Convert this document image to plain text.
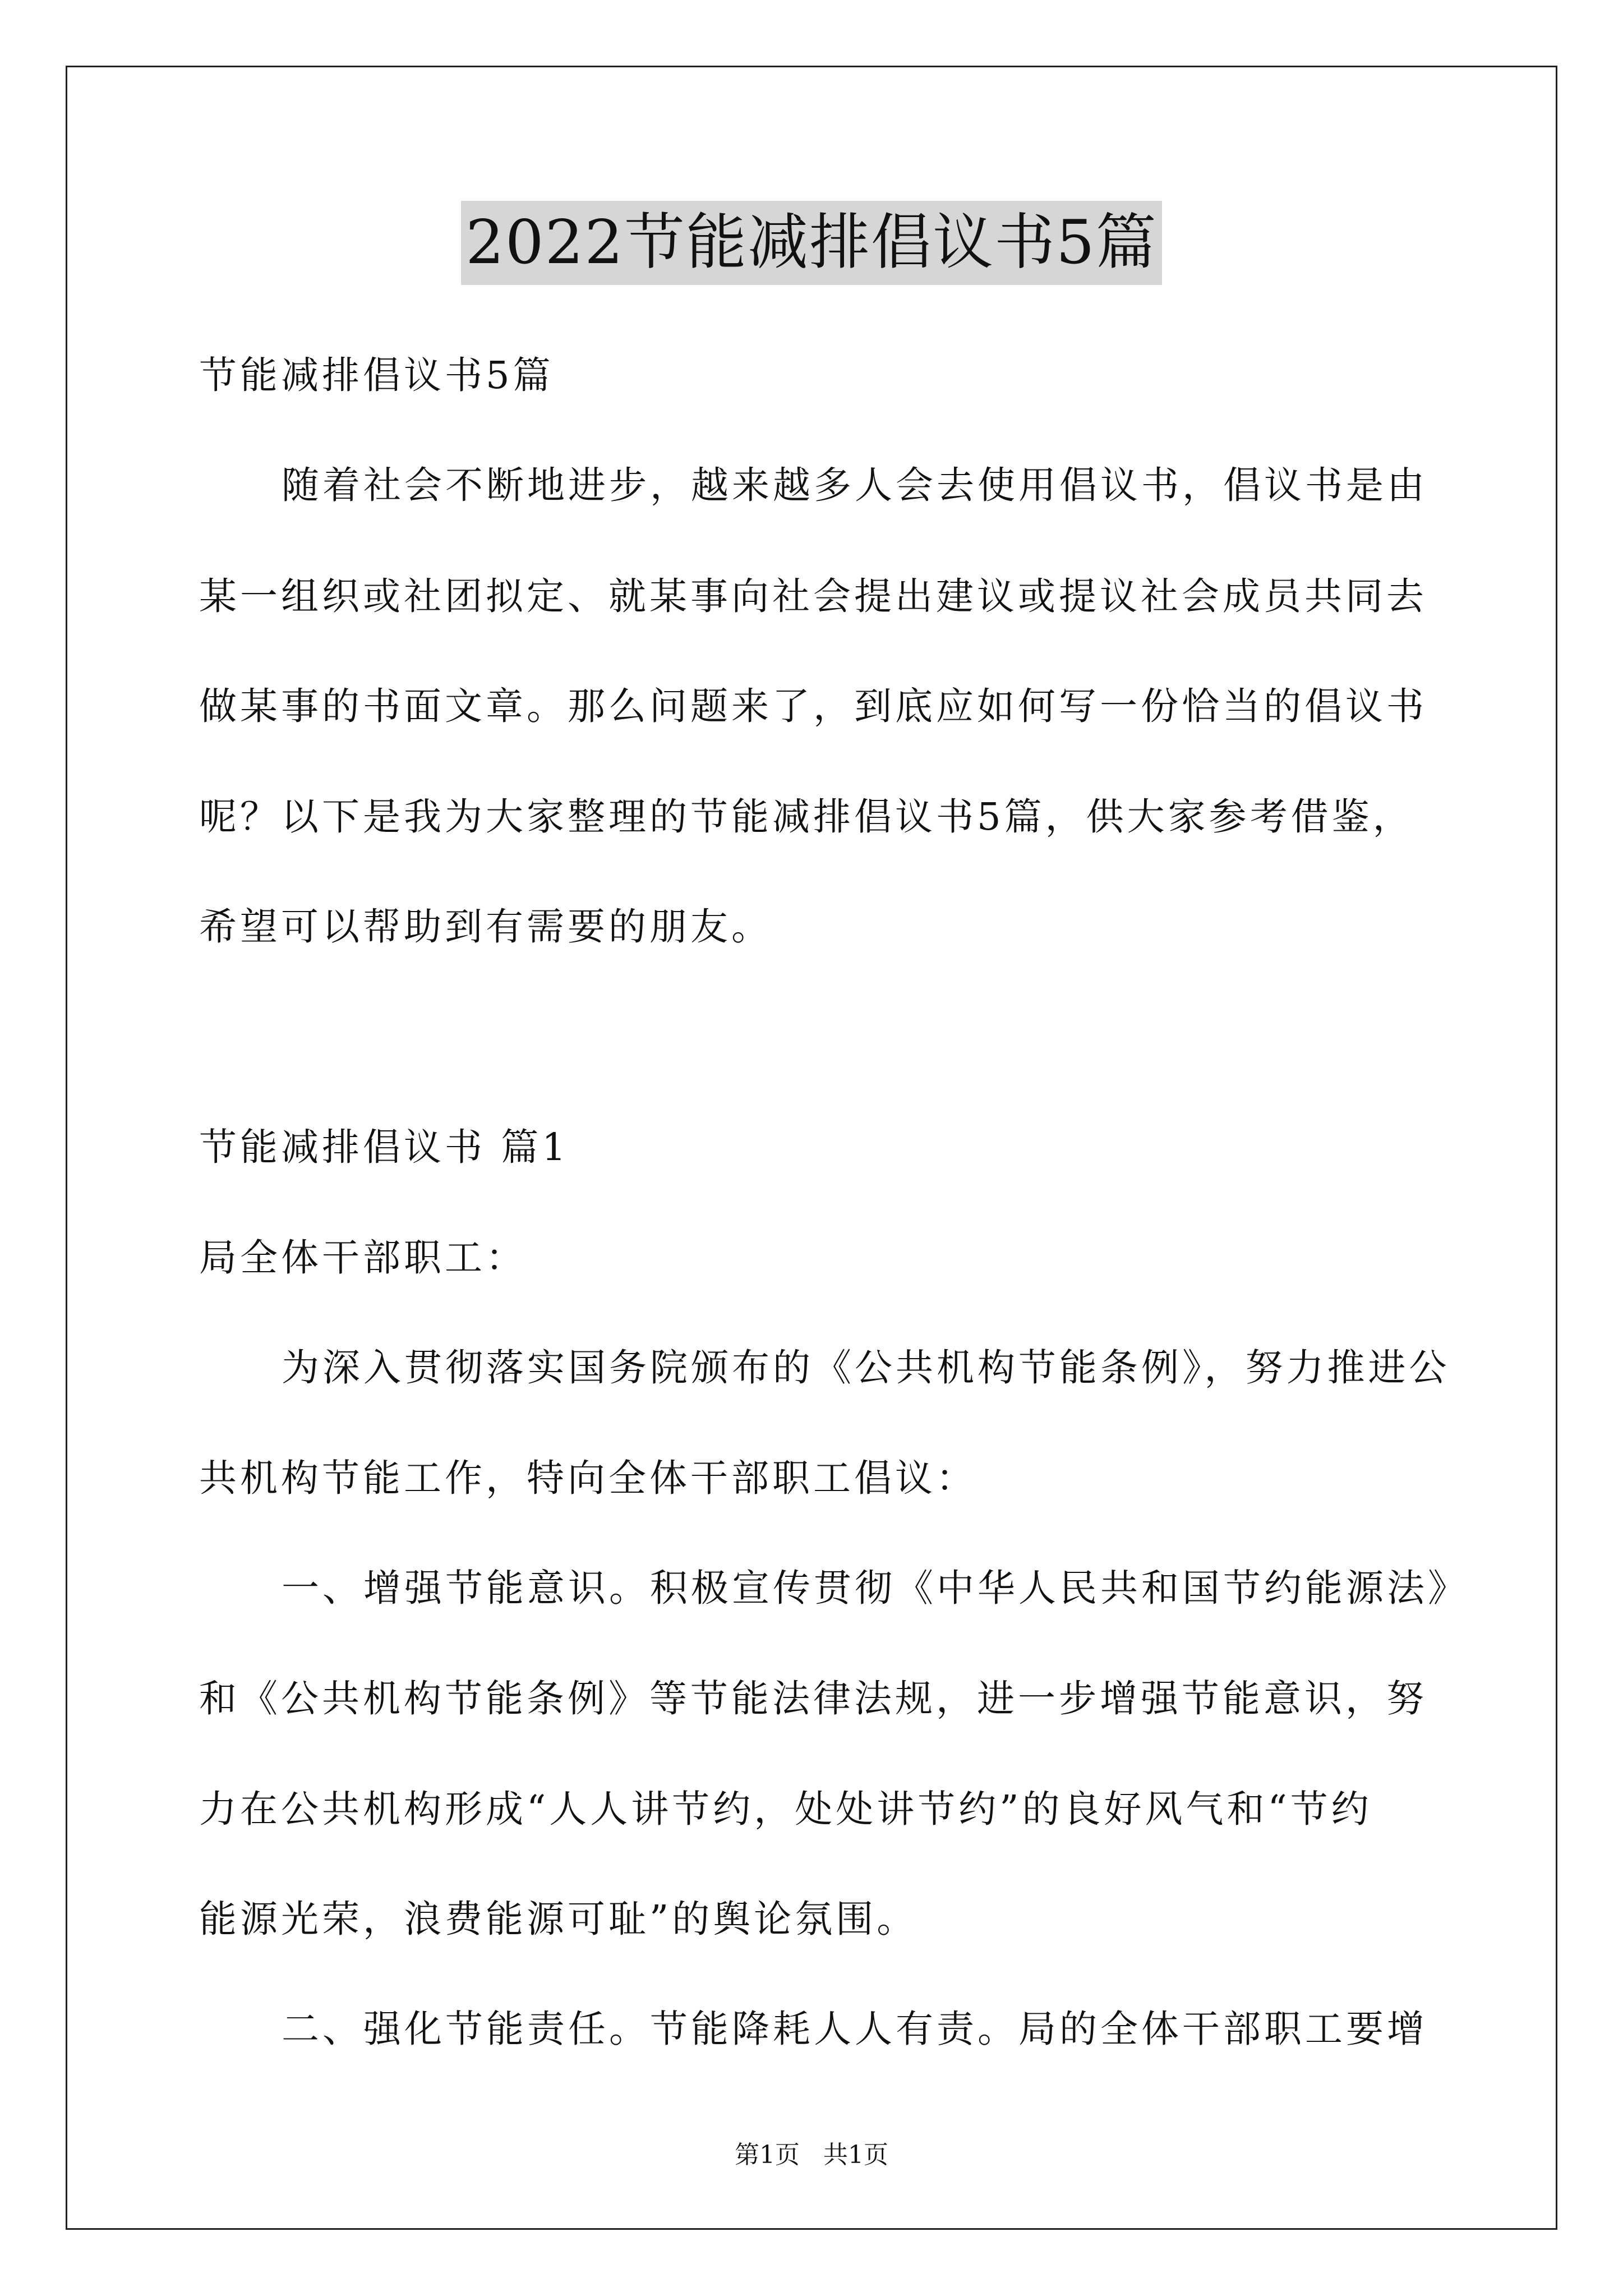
2022节能减排倡议书5篇
节能减排倡议书5篇
随着社会不断地进步，越来越多人会去使用倡议书，倡议书是由
某一组织或社团拟定、就某事向社会提出建议或提议社会成员共同去
做某事的书面文章。那么问题来了，到底应如何写一份恰当的倡议书
呢？以下是我为大家整理的节能减排倡议书5篇，供大家参考借鉴，
希望可以帮助到有需要的朋友。
节能减排倡议书 篇1
局全体干部职工：
为深入贯彻落实国务院颁布的《公共机构节能条例》，努力推进公
共机构节能工作，特向全体干部职工倡议：
一、增强节能意识。积极宣传贯彻《中华人民共和国节约能源法》
和《公共机构节能条例》等节能法律法规，进一步增强节能意识，努
力在公共机构形成“人人讲节约，处处讲节约”的良好风气和“节约
能源光荣，浪费能源可耻”的舆论氛围。
二、强化节能责任。节能降耗人人有责。局的全体干部职工要增
第1页   共1页
